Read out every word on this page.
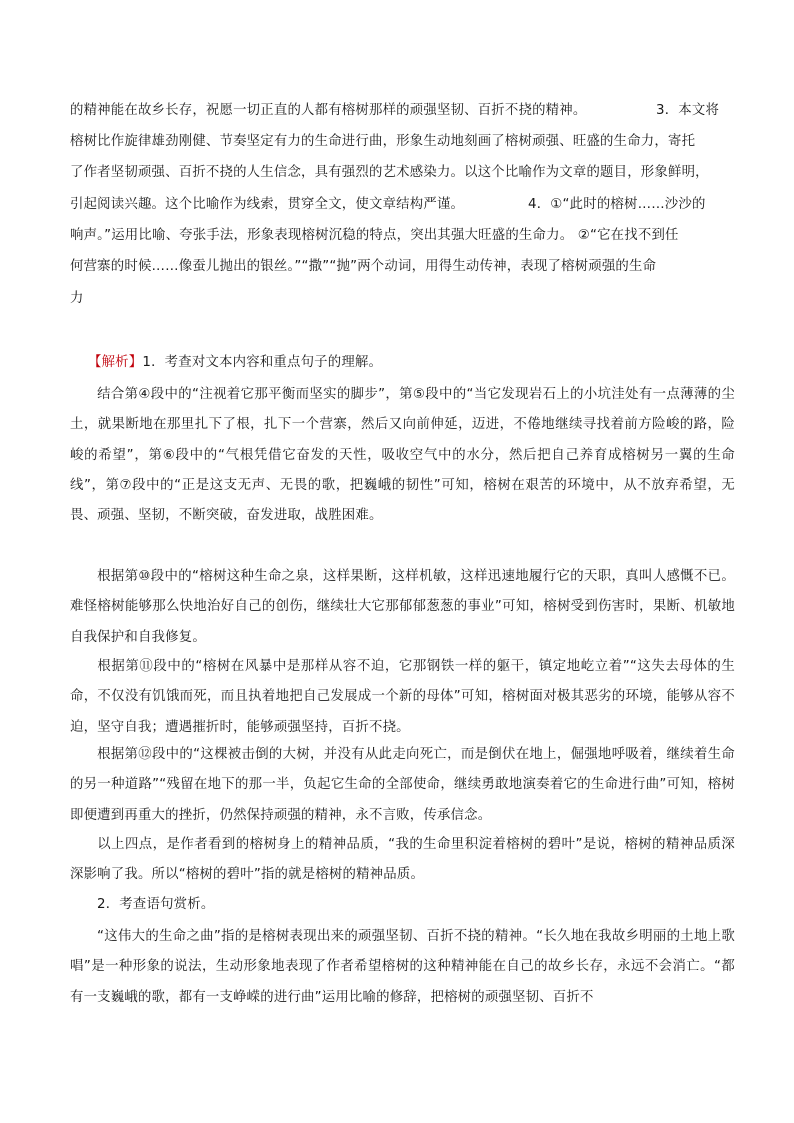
的精神能在故乡长存，祝愿一切正直的人都有榕树那样的顽强坚韧、百折不挠的精神。	3．本文将
榕树比作旋律雄劲刚健、节奏坚定有力的生命进行曲，形象生动地刻画了榕树顽强、旺盛的生命力，寄托
了作者坚韧顽强、百折不挠的人生信念，具有强烈的艺术感染力。以这个比喻作为文章的题目，形象鲜明，
引起阅读兴趣。这个比喻作为线索，贯穿全文，使文章结构严谨。	4．①“此时的榕树……沙沙的
响声。”运用比喻、夸张手法，形象表现榕树沉稳的特点，突出其强大旺盛的生命力。 ②“它在找不到任
何营寨的时候……像蚕儿抛出的银丝。”“撒”“抛”两个动词，用得生动传神，表现了榕树顽强的生命
力
【解析】1．考查对文本内容和重点句子的理解。
结合第④段中的“注视着它那平衡而坚实的脚步”，第⑤段中的“当它发现岩石上的小坑洼处有一点薄薄的尘土，就果断地在那里扎下了根，扎下一个营寨，然后又向前伸延，迈进，不倦地继续寻找着前方险峻的路，险峻的希望”，第⑥段中的“气根凭借它奋发的天性，吸收空气中的水分，然后把自己养育成榕树另一翼的生命线”，第⑦段中的“正是这支无声、无畏的歌，把巍峨的韧性”可知，榕树在艰苦的环境中，从不放弃希望，无畏、顽强、坚韧，不断突破，奋发进取，战胜困难。
根据第⑩段中的“榕树这种生命之泉，这样果断，这样机敏，这样迅速地履行它的天职，真叫人感慨不已。难怪榕树能够那么快地治好自己的创伤，继续壮大它那郁郁葱葱的事业”可知，榕树受到伤害时，果断、机敏地自我保护和自我修复。
根据第⑪段中的“榕树在风暴中是那样从容不迫，它那钢铁一样的躯干，镇定地屹立着”“这失去母体的生命，不仅没有饥饿而死，而且执着地把自己发展成一个新的母体”可知，榕树面对极其恶劣的环境，能够从容不迫，坚守自我；遭遇摧折时，能够顽强坚持，百折不挠。
根据第⑫段中的“这棵被击倒的大树，并没有从此走向死亡，而是倒伏在地上，倔强地呼吸着，继续着生命的另一种道路”“残留在地下的那一半，负起它生命的全部使命，继续勇敢地演奏着它的生命进行曲”可知，榕树即便遭到再重大的挫折，仍然保持顽强的精神，永不言败，传承信念。
以上四点，是作者看到的榕树身上的精神品质，“我的生命里积淀着榕树的碧叶”是说，榕树的精神品质深深影响了我。所以“榕树的碧叶”指的就是榕树的精神品质。
2．考查语句赏析。
“这伟大的生命之曲”指的是榕树表现出来的顽强坚韧、百折不挠的精神。“长久地在我故乡明丽的土地上歌唱”是一种形象的说法，生动形象地表现了作者希望榕树的这种精神能在自己的故乡长存，永远不会消亡。“都有一支巍峨的歌，都有一支峥嵘的进行曲”运用比喻的修辞，把榕树的顽强坚韧、百折不
